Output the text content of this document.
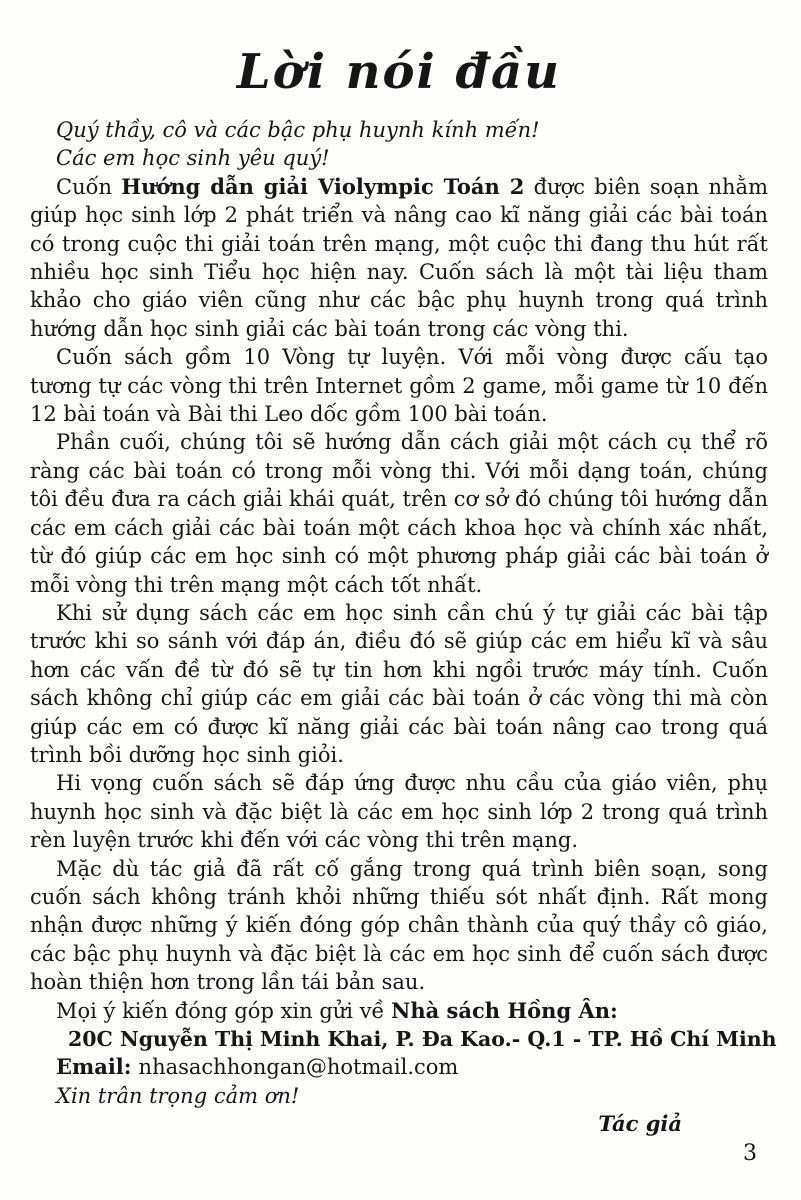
Lời nói đầu

Quý thầy, cô và các bậc phụ huynh kính mến!

Các em học sinh yêu quý!

Cuốn Hướng dẫn giải Violympic Toán 2 được biên soạn nhằm giúp học sinh lớp 2 phát triển và nâng cao kĩ năng giải các bài toán có trong cuộc thi giải toán trên mạng, một cuộc thi đang thu hút rất nhiều học sinh Tiểu học hiện nay. Cuốn sách là một tài liệu tham khảo cho giáo viên cũng như các bậc phụ huynh trong quá trình hướng dẫn học sinh giải các bài toán trong các vòng thi.

Cuốn sách gồm 10 Vòng tự luyện. Với mỗi vòng được cấu tạo tương tự các vòng thi trên Internet gồm 2 game, mỗi game từ 10 đến 12 bài toán và Bài thi Leo dốc gồm 100 bài toán.

Phần cuối, chúng tôi sẽ hướng dẫn cách giải một cách cụ thể rõ ràng các bài toán có trong mỗi vòng thi. Với mỗi dạng toán, chúng tôi đều đưa ra cách giải khái quát, trên cơ sở đó chúng tôi hướng dẫn các em cách giải các bài toán một cách khoa học và chính xác nhất, từ đó giúp các em học sinh có một phương pháp giải các bài toán ở mỗi vòng thi trên mạng một cách tốt nhất.

Khi sử dụng sách các em học sinh cần chú ý tự giải các bài tập trước khi so sánh với đáp án, điều đó sẽ giúp các em hiểu kĩ và sâu hơn các vấn đề từ đó sẽ tự tin hơn khi ngồi trước máy tính. Cuốn sách không chỉ giúp các em giải các bài toán ở các vòng thi mà còn giúp các em có được kĩ năng giải các bài toán nâng cao trong quá trình bồi dưỡng học sinh giỏi.

Hi vọng cuốn sách sẽ đáp ứng được nhu cầu của giáo viên, phụ huynh học sinh và đặc biệt là các em học sinh lớp 2 trong quá trình rèn luyện trước khi đến với các vòng thi trên mạng.

Mặc dù tác giả đã rất cố gắng trong quá trình biên soạn, song cuốn sách không tránh khỏi những thiếu sót nhất định. Rất mong nhận được những ý kiến đóng góp chân thành của quý thầy cô giáo, các bậc phụ huynh và đặc biệt là các em học sinh để cuốn sách được hoàn thiện hơn trong lần tái bản sau.

Mọi ý kiến đóng góp xin gửi về Nhà sách Hồng Ân:

20C Nguyễn Thị Minh Khai, P. Đa Kao.- Q.1 - TP. Hồ Chí Minh

Email: nhasachhongan@hotmail.com

Xin trân trọng cảm ơn!

Tác giả

3
